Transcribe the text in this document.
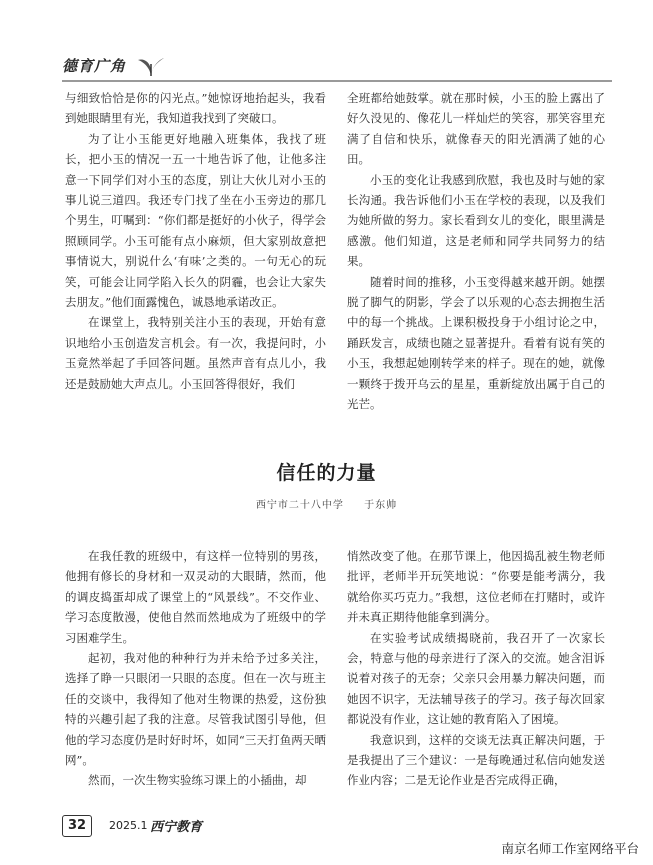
德育广角

与细致恰恰是你的闪光点。”她惊讶地抬起头，我看到她眼睛里有光，我知道我找到了突破口。

为了让小玉能更好地融入班集体，我找了班长，把小玉的情况一五一十地告诉了他，让他多注意一下同学们对小玉的态度，别让大伙儿对小玉的事儿说三道四。我还专门找了坐在小玉旁边的那几个男生，叮嘱到：“你们都是挺好的小伙子，得学会照顾同学。小玉可能有点小麻烦，但大家别故意把事情说大，别说什么‘有味’之类的。一句无心的玩笑，可能会让同学陷入长久的阴霾，也会让大家失去朋友。”他们面露愧色，诚恳地承诺改正。

在课堂上，我特别关注小玉的表现，开始有意识地给小玉创造发言机会。有一次，我提问时，小玉竟然举起了手回答问题。虽然声音有点儿小，我还是鼓励她大声点儿。小玉回答得很好，我们

全班都给她鼓掌。就在那时候，小玉的脸上露出了好久没见的、像花儿一样灿烂的笑容，那笑容里充满了自信和快乐，就像春天的阳光洒满了她的心田。

小玉的变化让我感到欣慰，我也及时与她的家长沟通。我告诉他们小玉在学校的表现，以及我们为她所做的努力。家长看到女儿的变化，眼里满是感激。他们知道，这是老师和同学共同努力的结果。

随着时间的推移，小玉变得越来越开朗。她摆脱了脚气的阴影，学会了以乐观的心态去拥抱生活中的每一个挑战。上课积极投身于小组讨论之中，踊跃发言，成绩也随之显著提升。看着有说有笑的小玉，我想起她刚转学来的样子。现在的她，就像一颗终于拨开乌云的星星，重新绽放出属于自己的光芒。

信任的力量
西宁市二十八中学 于东帅

在我任教的班级中，有这样一位特别的男孩，他拥有修长的身材和一双灵动的大眼睛，然而，他的调皮捣蛋却成了课堂上的“风景线”。不交作业、学习态度散漫，使他自然而然地成为了班级中的学习困难学生。

起初，我对他的种种行为并未给予过多关注，选择了睁一只眼闭一只眼的态度。但在一次与班主任的交谈中，我得知了他对生物课的热爱，这份独特的兴趣引起了我的注意。尽管我试图引导他，但他的学习态度仍是时好时坏，如同“三天打鱼两天晒网”。

然而，一次生物实验练习课上的小插曲，却

悄然改变了他。在那节课上，他因捣乱被生物老师批评，老师半开玩笑地说：“你要是能考满分，我就给你买巧克力。”我想，这位老师在打赌时，或许并未真正期待他能拿到满分。

在实验考试成绩揭晓前，我召开了一次家长会，特意与他的母亲进行了深入的交流。她含泪诉说着对孩子的无奈；父亲只会用暴力解决问题，而她因不识字，无法辅导孩子的学习。孩子每次回家都说没有作业，这让她的教育陷入了困境。

我意识到，这样的交谈无法真正解决问题，于是我提出了三个建议：一是每晚通过私信向她发送作业内容；二是无论作业是否完成得正确，

32	2025.1 西宁教育
南京名师工作室网络平台
